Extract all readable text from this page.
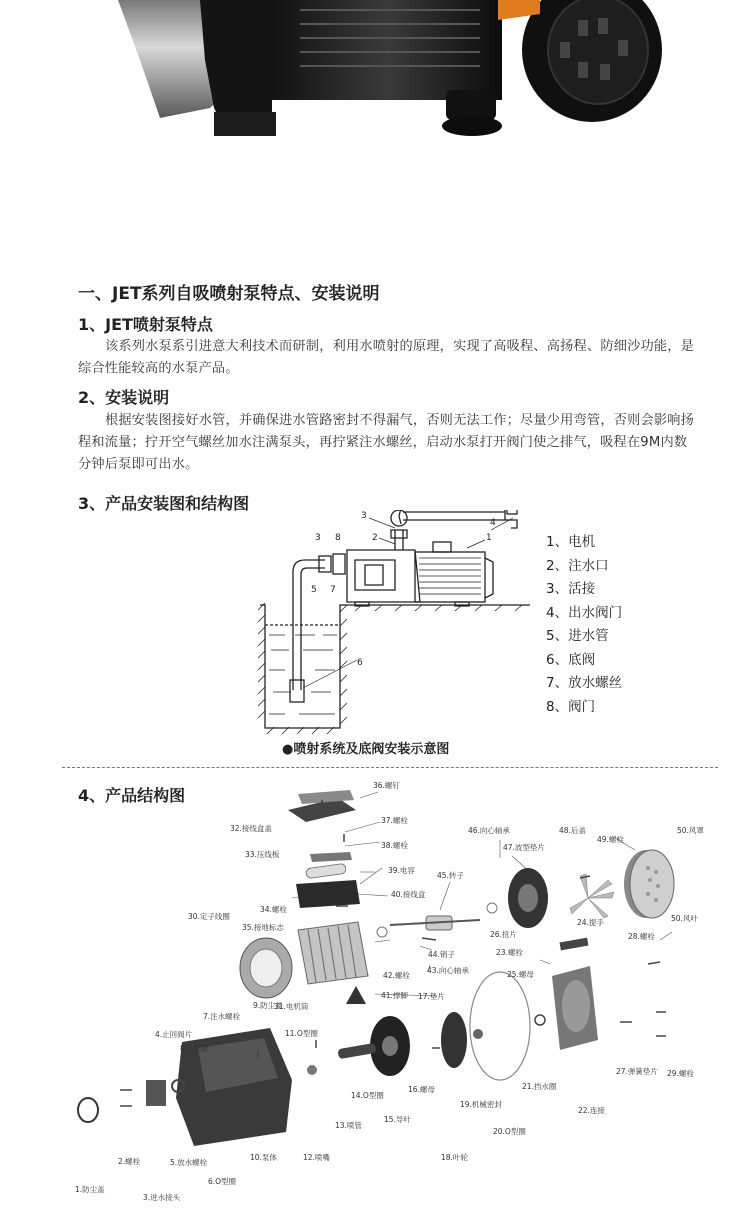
一、JET系列自吸喷射泵特点、安装说明
1、JET喷射泵特点
该系列水泵系引进意大利技术而研制，利用水喷射的原理，实现了高吸程、高扬程、防细沙功能，是综合性能较高的水泵产品。
2、安装说明
根据安装图接好水管，并确保进水管路密封不得漏气，否则无法工作；尽量少用弯管，否则会影响扬程和流量；拧开空气螺丝加水注满泵头，再拧紧注水螺丝，启动水泵打开阀门使之排气，吸程在9M内数分钟后泵即可出水。
3、产品安装图和结构图
3
2	1
4
3 8
5 7
6
1、电机
2、注水口
3、活接
4、出水阀门
5、进水管
6、底阀
7、放水螺丝
8、阀门
●喷射系统及底阀安装示意图
4、产品结构图
1.防尘盖
2.螺栓
3.进水接头
4.止回阀片
5.放水螺栓
6.O型圈
7.注水螺栓
8.O型圈
9.防尘盖
10.泵体
11.O型圈
12.喷嘴
13.喷管
14.O型圈
15.导叶
16.螺母
17.垫片
18.叶轮
19.机械密封
20.O型圈
21.挡水圈
22.连接
23.螺栓
24.提手
25.螺母
26.扭片
27.弹簧垫片
28.螺栓
29.螺栓
30.定子线圈
31.电机筒
32.接线盒盖
33.压线板
34.螺栓
35.接地标志
36.螺钉
37.螺栓
38.螺栓
39.电容
40.接线盒
41.撑脚
42.螺栓
43.向心轴承
44.销子
45.转子
46.向心轴承
47.波型垫片
48.后盖
49.螺栓
50.风罩
50.风叶
